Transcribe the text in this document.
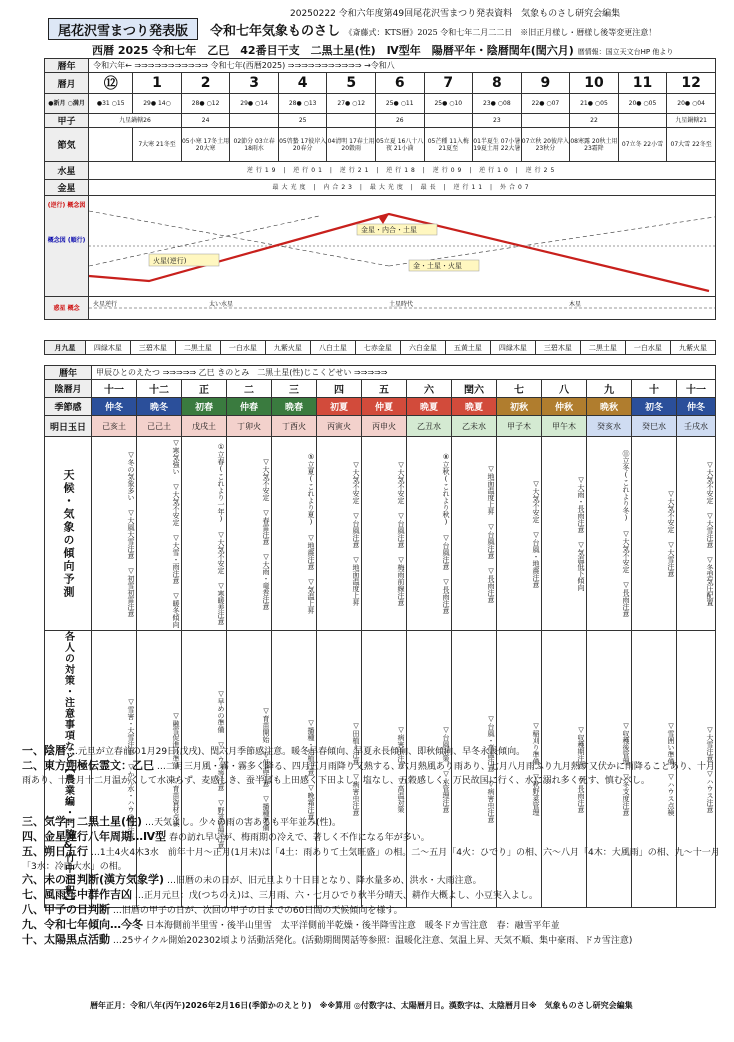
20250222 令和六年度第49回尾花沢雪まつり発表資料　気象ものさし研究会編集
尾花沢雪まつり発表版	令和七年気象ものさし 《斎藤式：KTS暦》2025 令和七年二月二二日　※旧正月様し・暦様し後等変更注意！
西暦 2025 令和七年　乙巳　42番目干支　二黒土星(性)　Ⅳ型年　陽暦平年・陰暦閏年(閏六月) 暦情報：国立天文台HP 他より
暦年	令和六年← ⇒⇒⇒⇒⇒⇒⇒⇒⇒⇒⇒ 令和七年(西暦2025) ⇒⇒⇒⇒⇒⇒⇒⇒⇒⇒⇒ →令和八												
暦月	⑫	1	2	3	4	5	6	7	8	9	10	11	12
●新月 ○満月	●31 ○15	29● 14○	28● ○12	29● ○14	28● ○13	27● ○12	25● ○11	25● ○10	23● ○08	22● ○07	21● ○05	20● ○05	20● ○04
甲子	九星鍋轄26		24		25		26		23		22		九星鍋轄21
節気		7大寒 21冬至	05小寒 17冬土用 20大寒	02節分 03立春 18雨水	05啓蟄 17彼岸入 20春分	04清明 17春土用 20穀雨	05立夏 16八十八夜 21小満	05芒種 11入梅 21夏至	01半夏生 07小暑 19夏土用 22大暑	07立秋 20彼岸入 23秋分	08寒露 20秋土用 23霜降	07立冬 22小雪	07大雪 22冬至
水星	逆行19 | 逆行01 | 逆行21 | 逆行18 | 逆行09 | 逆行10 | 逆行25												
金星	最大光度 | 内合23 | 最大光度 | 最長 | 逆行11 | 外合07												
(逆行) 概念図

概念図 (順行)	火星(逆行)
金星・内合・土星
金・土星・火星												

惑星 概念	火星逆行 太い水星 土星時代 木星												
月九星	四緑木星	三碧木星	二黒土星	一白水星	九紫火星	八白土星	七赤金星	六白金星	五黄土星	四緑木星	三碧木星	二黒土星	一白水星	九紫火星
暦年	甲辰ひとのえたつ ⇒⇒⇒⇒⇒ 乙巳 きのとみ　二黒土星(性)じこくどせい ⇒⇒⇒⇒⇒													
陰暦月	十一	十二	正	二	三	四	五	六	閏六	七	八	九	十	十一
季節感	仲冬	晩冬	初春	仲春	晩春	初夏	仲夏	晩夏	晩夏	初秋	仲秋	晩秋	初冬	仲冬
明日玉日	己亥土	己己土	戊戌土	丁卯火	丁酉火	丙寅火	丙申火	乙丑水	乙未水	甲子木	甲午木	癸亥水	癸巳水	壬戌水
天候・気象の傾向予測	▽冬の気象多い ▽大風大雪注意 ▽初雪初雷注意	▽寒気強い ▽大気不安定 ▽大雪・雨注意 ▽暖冬傾向	①立春(これより一年) ▽大気不安定 ▽寒暖差注意	▽大気不安定 ▽春雷注意 ▽大雨・竜巻注意	⑤立夏(これより夏) ▽地震注意 ▽気温上昇	▽大気不安定 ▽台風注意 ▽地面温度上昇	▽大気不安定 ▽台風注意 ▽梅雨前線注意	⑧立秋(これより秋) ▽台風注意 ▽長雨注意	▽地面温度上昇 ▽台風注意 ▽長雨注意	▽大気不安定 ▽台風・地震注意	▽大雨・長雨注意 ▽気温低下傾向	⑪立冬(これより冬) ▽大気不安定 ▽長雨注意	▽大気不安定 ▽大雪注意	▽大気不安定 ▽大雪注意 ▽冬型気圧配置
各人の対策・注意事項など【農業編・門脇&竹中注釈】	▽雪害・大雪注意 ▽かん水・ハウス等注意	▽融雪促進の準備 ▽育苗資材点検	▽早めの準備 ▽ハウス等注意 ▽野菜管理注意	▽育苗開始 ▽低温注意 ▽播種準備	▽播種・定植注意 ▽晩霜注意	▽田植え注意 ▽病害虫注意	▽病害虫注意 ▽高温対策	▽台風対策 ▽水管理注意	▽台風・高温注意 ▽病害虫注意	▽稲刈り準備 ▽秋野菜管理	▽収穫期注意 ▽長雨注意	▽収穫後管理 ▽冬支度注意	▽雪囲い準備 ▽ハウス点検	▽大雪注意 ▽ハウス注意
一、陰暦 …元旦が立春前の1月29日(戊戌)、閏六月季節感注意。暖冬早春傾向、早夏永長傾向、即秋傾向、早冬永長傾向。
二、東方朔極伝霊文：乙巳 …二月三月風・霧・霧多く降る、四月五月雨降り又熱する、六月熱風あり雨あり、七月八月雨ふり九月熱す又伏かに雨降ることあり、十月雨あり、十一月十二月温かくして水凍らず、麦感しき、蚕半ばも上田感く下田よし。塩なし、五穀感しく、万民故国に行く、水に溺れ多く死す、慎むべし。
三、気学：二黒土星(性) …天気よし。少々の雨の害あるも平年並み(性)。
四、金星運行八年周期…Ⅳ型 春の訪れ早いが、梅雨期の冷えで、著しく不作になる年が多い。
五、朔日五行 …1土4火4木3水　前年十月～正月(1月末)は「4土：雨ありて土気旺盛」の相。二～五月「4火：ひでり」の相、六～八月「4木：大風雨」の相、九～十一月「3水：冷雨大水」の相。
六、未の日判断(漢方気象学) …旧暦の未の日が、旧元旦より十日目となり、降水量多め、洪水・大雨注意。
七、風雨年中群作吉凶 …正月元旦：戊(つちのえ)は、三月雨、六・七月ひでり秋半分晴天、耕作大概よし、小豆実入よし。
八、甲子の日判断 …旧暦の甲子の日が、次回の甲子の日までの60日間の天候傾向を様す。
九、令和七年傾向…今冬 日本海側前半里雪・後半山里雪　太平洋側前半乾燥・後半降雪注意　暖冬ドカ雪注意　春：融雪平年並
十、太陽黒点活動 …25サイクル開始202302頃より活動活発化。(活動期間関話等参照：温暖化注意、気温上昇、天気不順、集中豪雨、ドカ雪注意)
暦年正月：令和八年(丙午)2026年2月16日(季節かのえとり)　※※算用 ◎付数字は、太陽暦月日。漢数字は、太陰暦月日※　気象ものさし研究会編集
